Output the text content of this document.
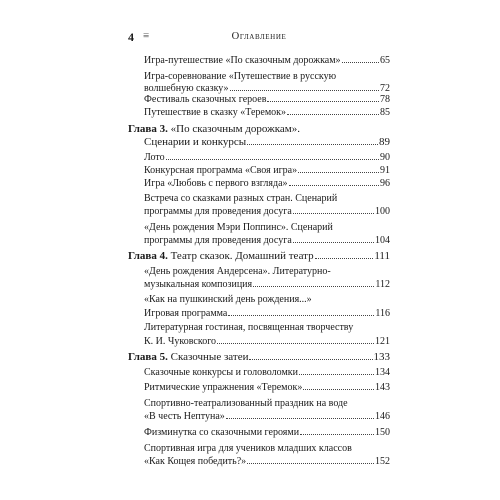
4 ≡	Оглавление
Игра-путешествие «По сказочным дорожкам»	65
Игра-соревнование «Путешествие в русскую
волшебную сказку»	72
Фестиваль сказочных героев	78
Путешествие в сказку «Теремок»	85
Глава 3. «По сказочным дорожкам».
Сценарии и конкурсы	89
Лото	90
Конкурсная программа «Своя игра»	91
Игра «Любовь с первого взгляда»	96
Встреча со сказками разных стран. Сценарий
программы для проведения досуга	100
«День рождения Мэри Поппинс». Сценарий
программы для проведения досуга	104
Глава 4. Театр сказок. Домашний театр	111
«День рождения Андерсена». Литературно-
музыкальная композиция	112
«Как на пушкинский день рождения...»
Игровая программа	116
Литературная гостиная, посвященная творчеству
К. И. Чуковского	121
Глава 5. Сказочные затеи	133
Сказочные конкурсы и головоломки	134
Ритмические упражнения «Теремок»	143
Спортивно-театрализованный праздник на воде
«В честь Нептуна»	146
Физминутка со сказочными героями	150
Спортивная игра для учеников младших классов
«Как Кощея победить?»	152
